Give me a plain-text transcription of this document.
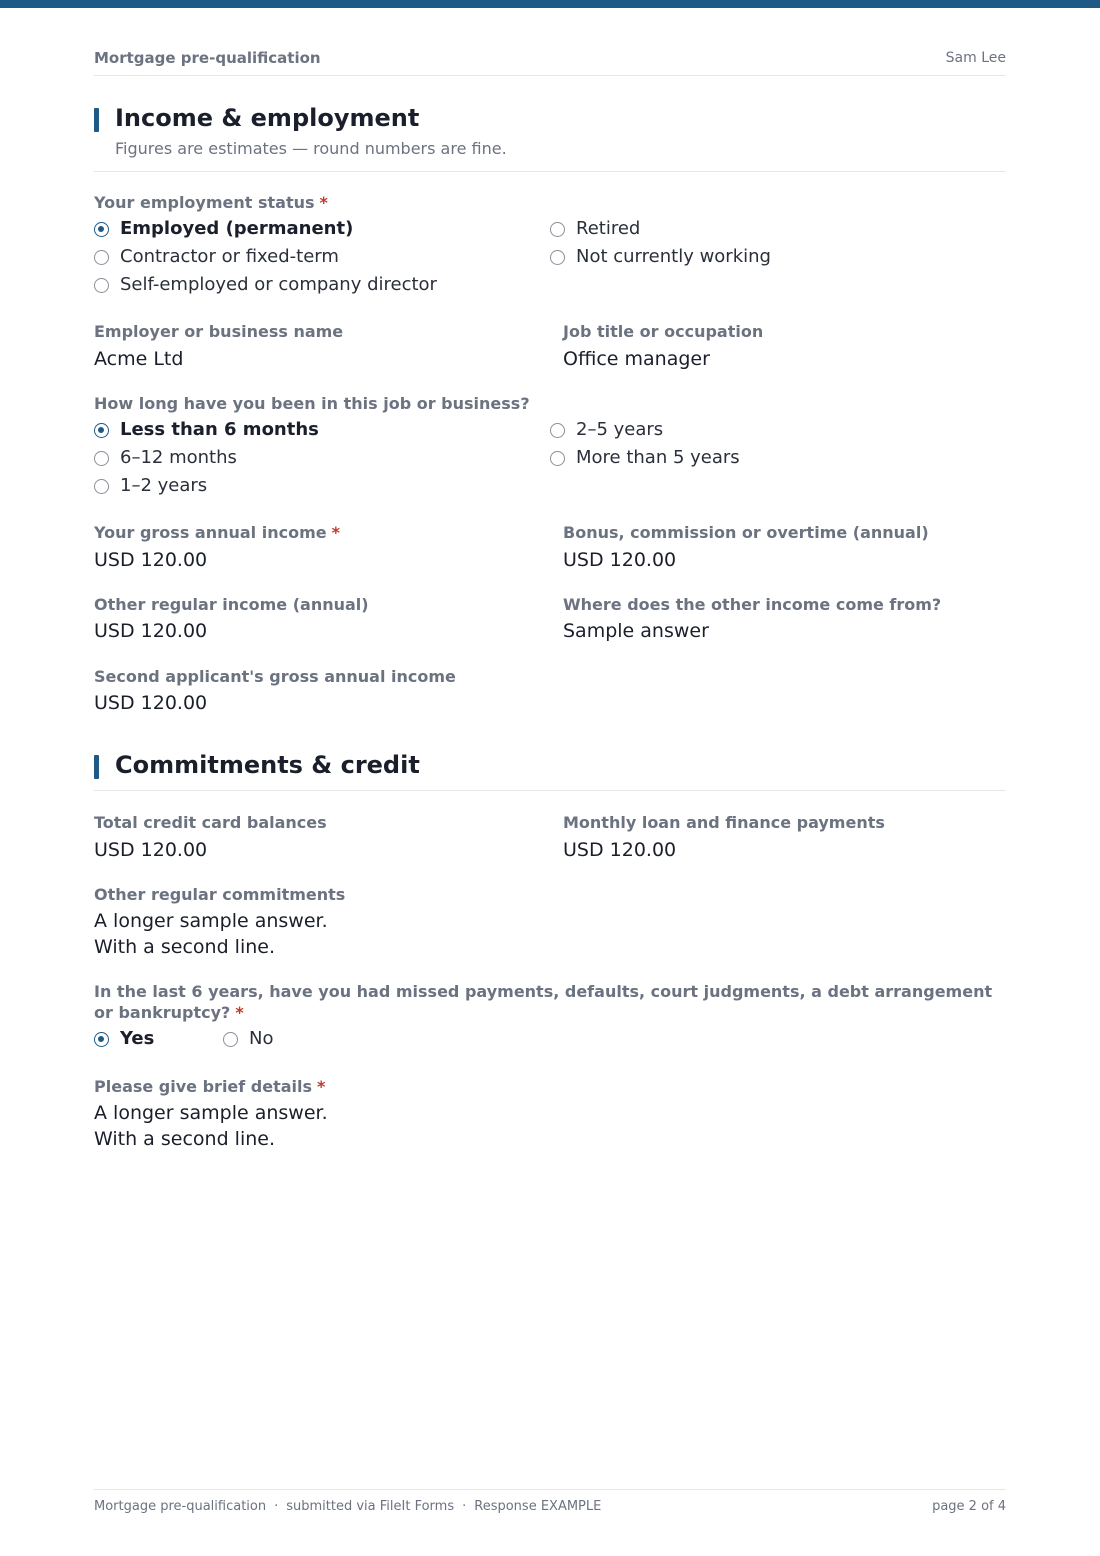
Mortgage pre-qualification	Sam Lee
Income & employment
Figures are estimates — round numbers are fine.
Your employment status *
Employed (permanent)
Contractor or fixed-term
Self-employed or company director
Retired
Not currently working
Employer or business name
Acme Ltd
Job title or occupation
Office manager
How long have you been in this job or business?
Less than 6 months
6–12 months
1–2 years
2–5 years
More than 5 years
Your gross annual income *
USD 120.00
Bonus, commission or overtime (annual)
USD 120.00
Other regular income (annual)
USD 120.00
Where does the other income come from?
Sample answer
Second applicant's gross annual income
USD 120.00
Commitments & credit
Total credit card balances
USD 120.00
Monthly loan and finance payments
USD 120.00
Other regular commitments
A longer sample answer.
With a second line.
In the last 6 years, have you had missed payments, defaults, court judgments, a debt arrangement or bankruptcy? *
Yes	No
Please give brief details *
A longer sample answer.
With a second line.
Mortgage pre-qualification · submitted via FileIt Forms · Response EXAMPLE	page 2 of 4
